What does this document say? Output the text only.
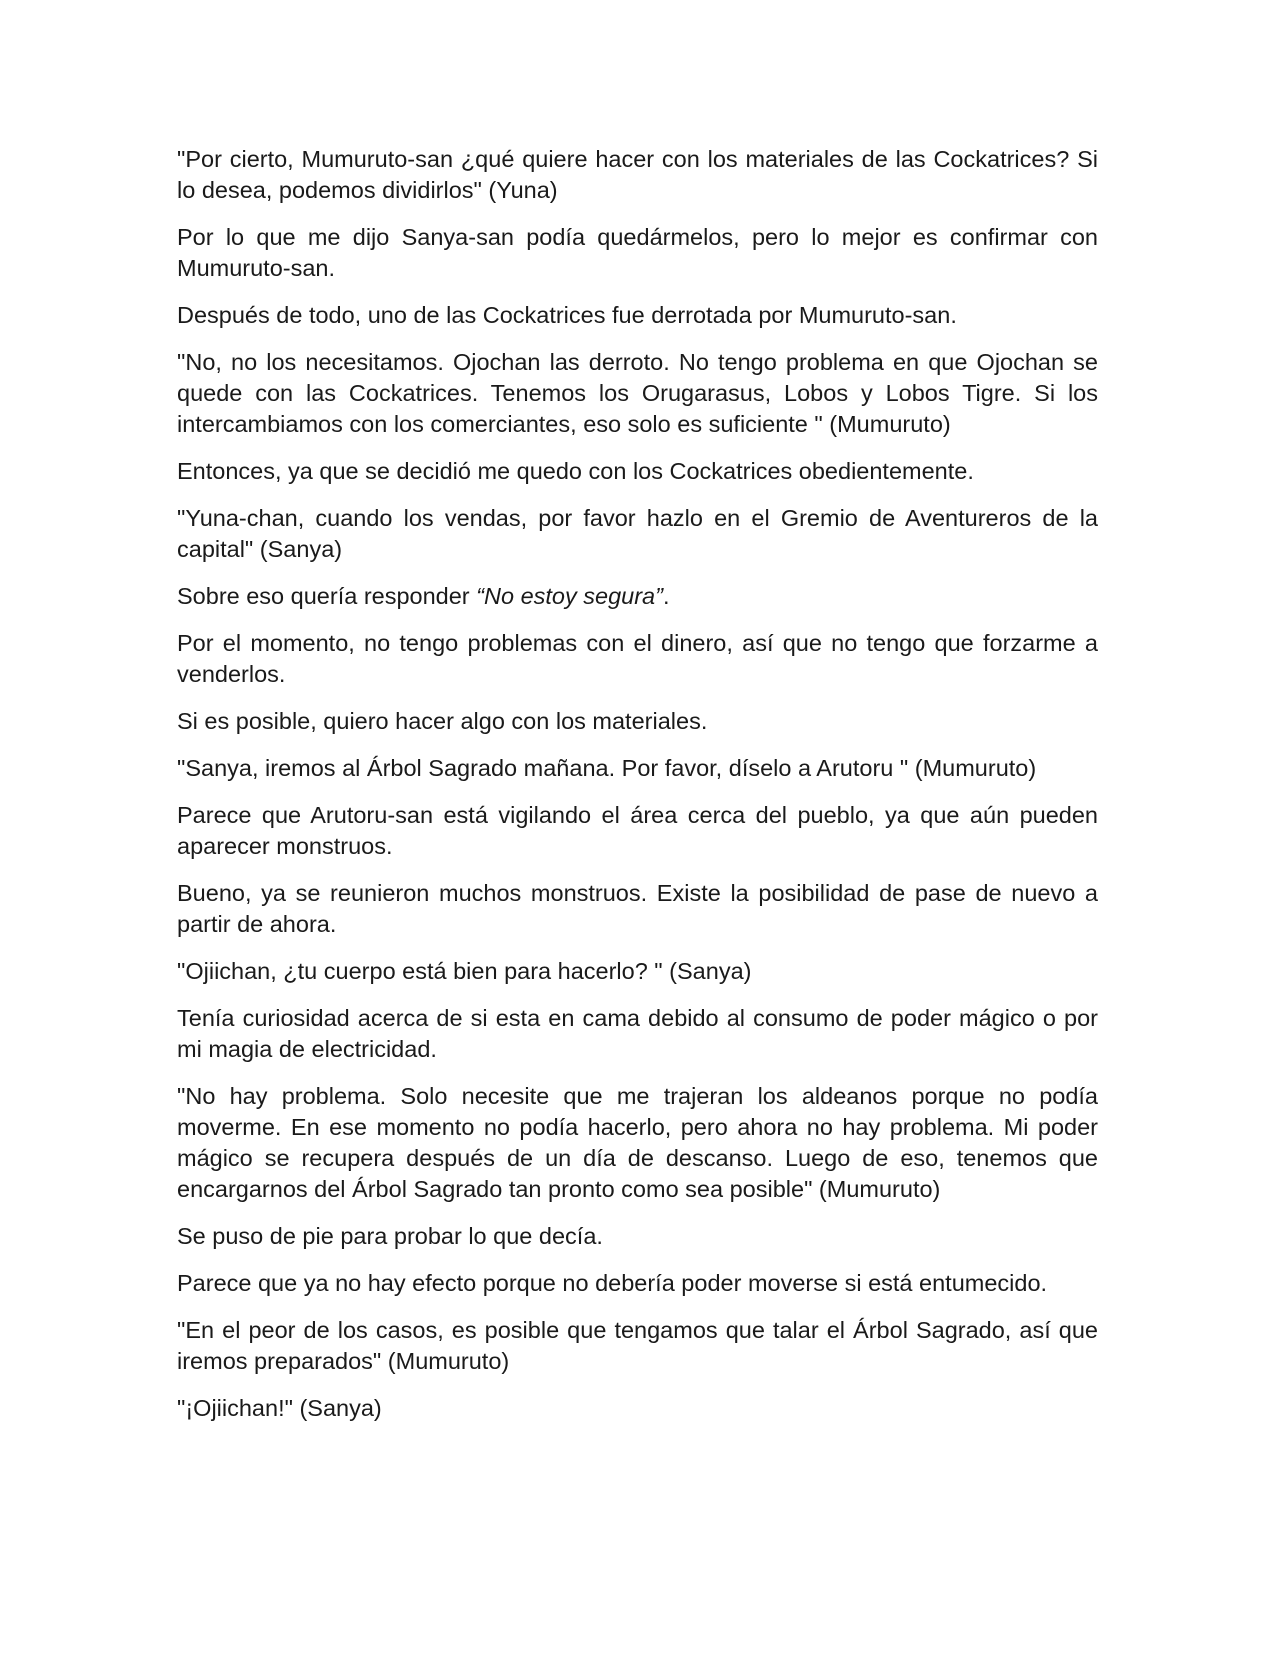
"Por cierto, Mumuruto-san ¿qué quiere hacer con los materiales de las Cockatrices? Si lo desea, podemos dividirlos" (Yuna)

Por lo que me dijo Sanya-san podía quedármelos, pero lo mejor es confirmar con Mumuruto-san.

Después de todo, uno de las Cockatrices fue derrotada por Mumuruto-san.

"No, no los necesitamos. Ojochan las derroto. No tengo problema en que Ojochan se quede con las Cockatrices. Tenemos los Orugarasus, Lobos y Lobos Tigre. Si los intercambiamos con los comerciantes, eso solo es suficiente " (Mumuruto)

Entonces, ya que se decidió me quedo con los Cockatrices obedientemente.

"Yuna-chan, cuando los vendas, por favor hazlo en el Gremio de Aventureros de la capital" (Sanya)

Sobre eso quería responder “No estoy segura”.

Por el momento, no tengo problemas con el dinero, así que no tengo que forzarme a venderlos.

Si es posible, quiero hacer algo con los materiales.

"Sanya, iremos al Árbol Sagrado mañana. Por favor, díselo a Arutoru " (Mumuruto)

Parece que Arutoru-san está vigilando el área cerca del pueblo, ya que aún pueden aparecer monstruos.

Bueno, ya se reunieron muchos monstruos. Existe la posibilidad de pase de nuevo a partir de ahora.

"Ojiichan, ¿tu cuerpo está bien para hacerlo? " (Sanya)

Tenía curiosidad acerca de si esta en cama debido al consumo de poder mágico o por mi magia de electricidad.

"No hay problema. Solo necesite que me trajeran los aldeanos porque no podía moverme. En ese momento no podía hacerlo, pero ahora no hay problema. Mi poder mágico se recupera después de un día de descanso. Luego de eso, tenemos que encargarnos del Árbol Sagrado tan pronto como sea posible" (Mumuruto)

Se puso de pie para probar lo que decía.

Parece que ya no hay efecto porque no debería poder moverse si está entumecido.

"En el peor de los casos, es posible que tengamos que talar el Árbol Sagrado, así que iremos preparados" (Mumuruto)

"¡Ojiichan!" (Sanya)
